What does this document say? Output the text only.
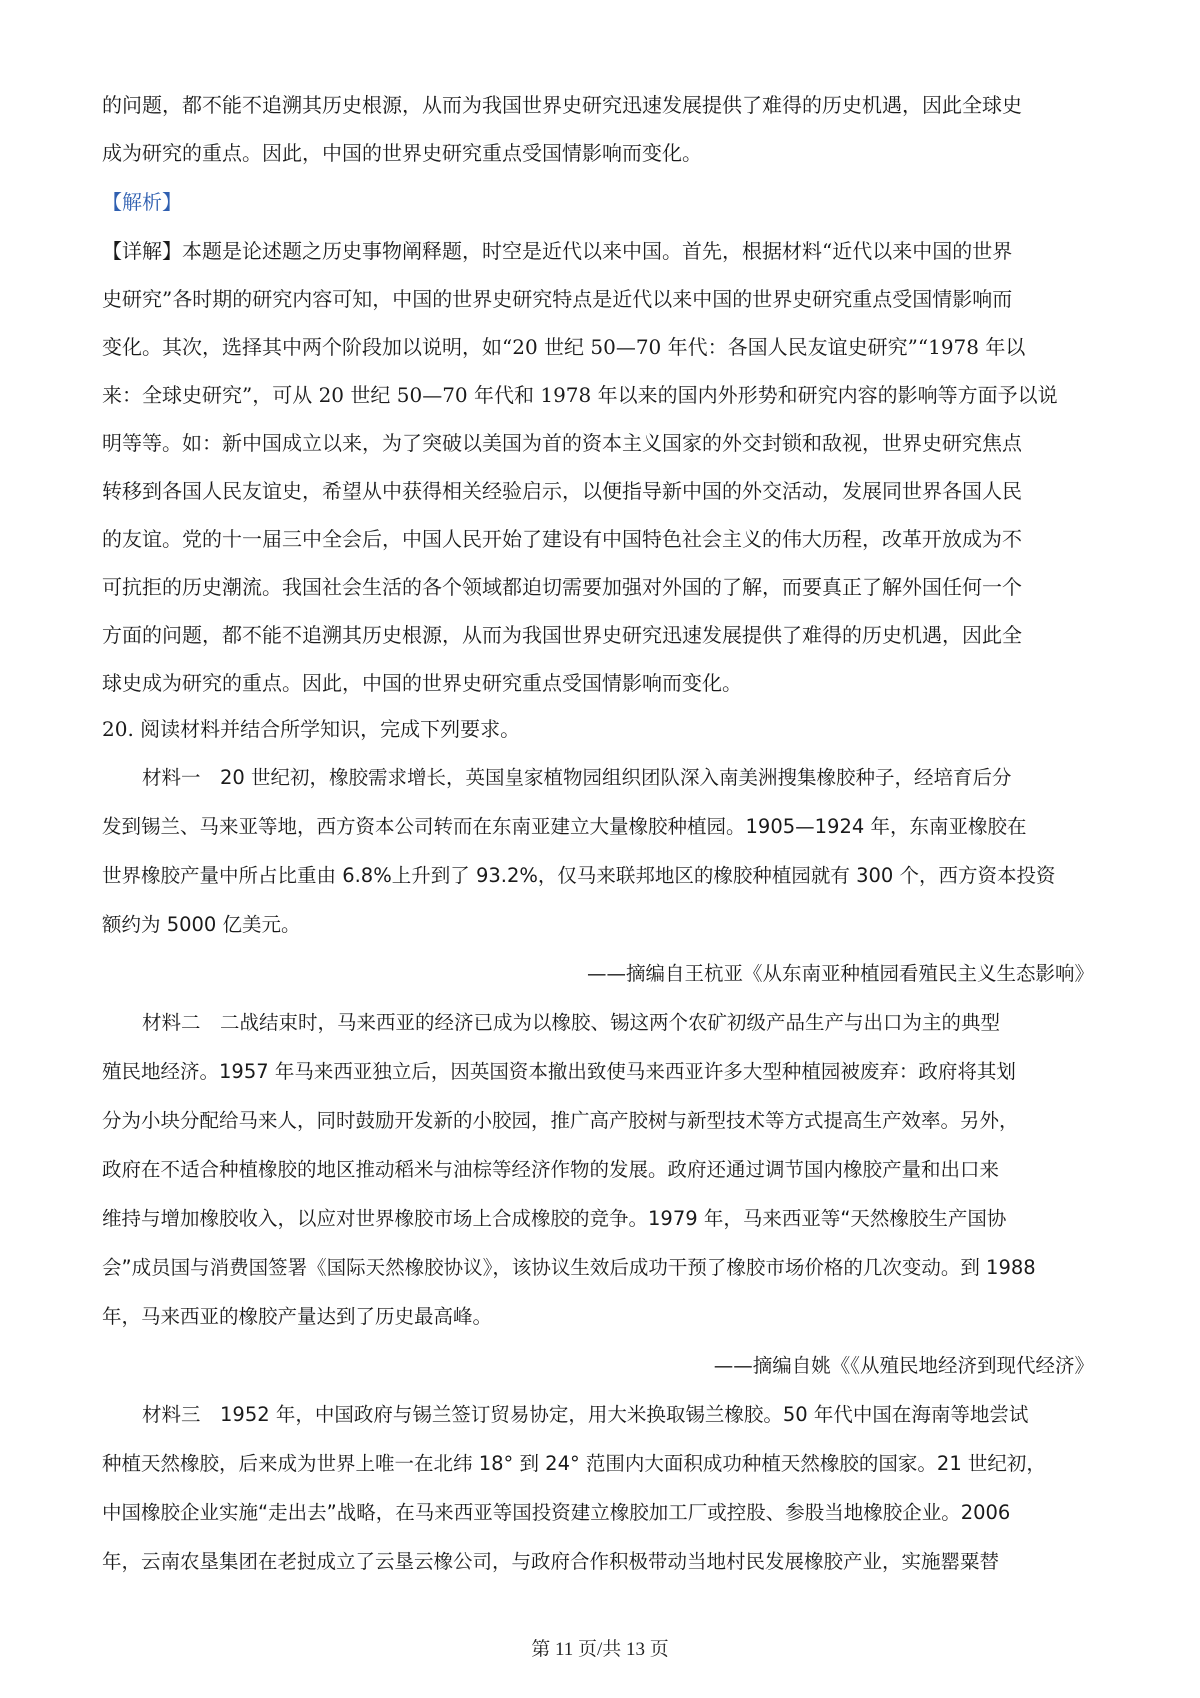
的问题，都不能不追溯其历史根源，从而为我国世界史研究迅速发展提供了难得的历史机遇，因此全球史
成为研究的重点。因此，中国的世界史研究重点受国情影响而变化。
【解析】
【详解】本题是论述题之历史事物阐释题，时空是近代以来中国。首先，根据材料“近代以来中国的世界
史研究”各时期的研究内容可知，中国的世界史研究特点是近代以来中国的世界史研究重点受国情影响而
变化。其次，选择其中两个阶段加以说明，如“20 世纪 50—70 年代：各国人民友谊史研究”“1978 年以
来：全球史研究”，可从 20 世纪 50—70 年代和 1978 年以来的国内外形势和研究内容的影响等方面予以说
明等等。如：新中国成立以来，为了突破以美国为首的资本主义国家的外交封锁和敌视，世界史研究焦点
转移到各国人民友谊史，希望从中获得相关经验启示，以便指导新中国的外交活动，发展同世界各国人民
的友谊。党的十一届三中全会后，中国人民开始了建设有中国特色社会主义的伟大历程，改革开放成为不
可抗拒的历史潮流。我国社会生活的各个领域都迫切需要加强对外国的了解，而要真正了解外国任何一个
方面的问题，都不能不追溯其历史根源，从而为我国世界史研究迅速发展提供了难得的历史机遇，因此全
球史成为研究的重点。因此，中国的世界史研究重点受国情影响而变化。
20. 阅读材料并结合所学知识，完成下列要求。
材料一　20 世纪初，橡胶需求增长，英国皇家植物园组织团队深入南美洲搜集橡胶种子，经培育后分
发到锡兰、马来亚等地，西方资本公司转而在东南亚建立大量橡胶种植园。1905—1924 年，东南亚橡胶在
世界橡胶产量中所占比重由 6.8%上升到了 93.2%，仅马来联邦地区的橡胶种植园就有 300 个，西方资本投资
额约为 5000 亿美元。
——摘编自王杭亚《从东南亚种植园看殖民主义生态影响》
材料二　二战结束时，马来西亚的经济已成为以橡胶、锡这两个农矿初级产品生产与出口为主的典型
殖民地经济。1957 年马来西亚独立后，因英国资本撤出致使马来西亚许多大型种植园被废弃：政府将其划
分为小块分配给马来人，同时鼓励开发新的小胶园，推广高产胶树与新型技术等方式提高生产效率。另外，
政府在不适合种植橡胶的地区推动稻米与油棕等经济作物的发展。政府还通过调节国内橡胶产量和出口来
维持与增加橡胶收入，以应对世界橡胶市场上合成橡胶的竞争。1979 年，马来西亚等“天然橡胶生产国协
会”成员国与消费国签署《国际天然橡胶协议》，该协议生效后成功干预了橡胶市场价格的几次变动。到 1988
年，马来西亚的橡胶产量达到了历史最高峰。
——摘编自姚《《从殖民地经济到现代经济》
材料三　1952 年，中国政府与锡兰签订贸易协定，用大米换取锡兰橡胶。50 年代中国在海南等地尝试
种植天然橡胶，后来成为世界上唯一在北纬 18° 到 24° 范围内大面积成功种植天然橡胶的国家。21 世纪初，
中国橡胶企业实施“走出去”战略，在马来西亚等国投资建立橡胶加工厂或控股、参股当地橡胶企业。2006
年，云南农垦集团在老挝成立了云垦云橡公司，与政府合作积极带动当地村民发展橡胶产业，实施罂粟替
第 11 页/共 13 页
